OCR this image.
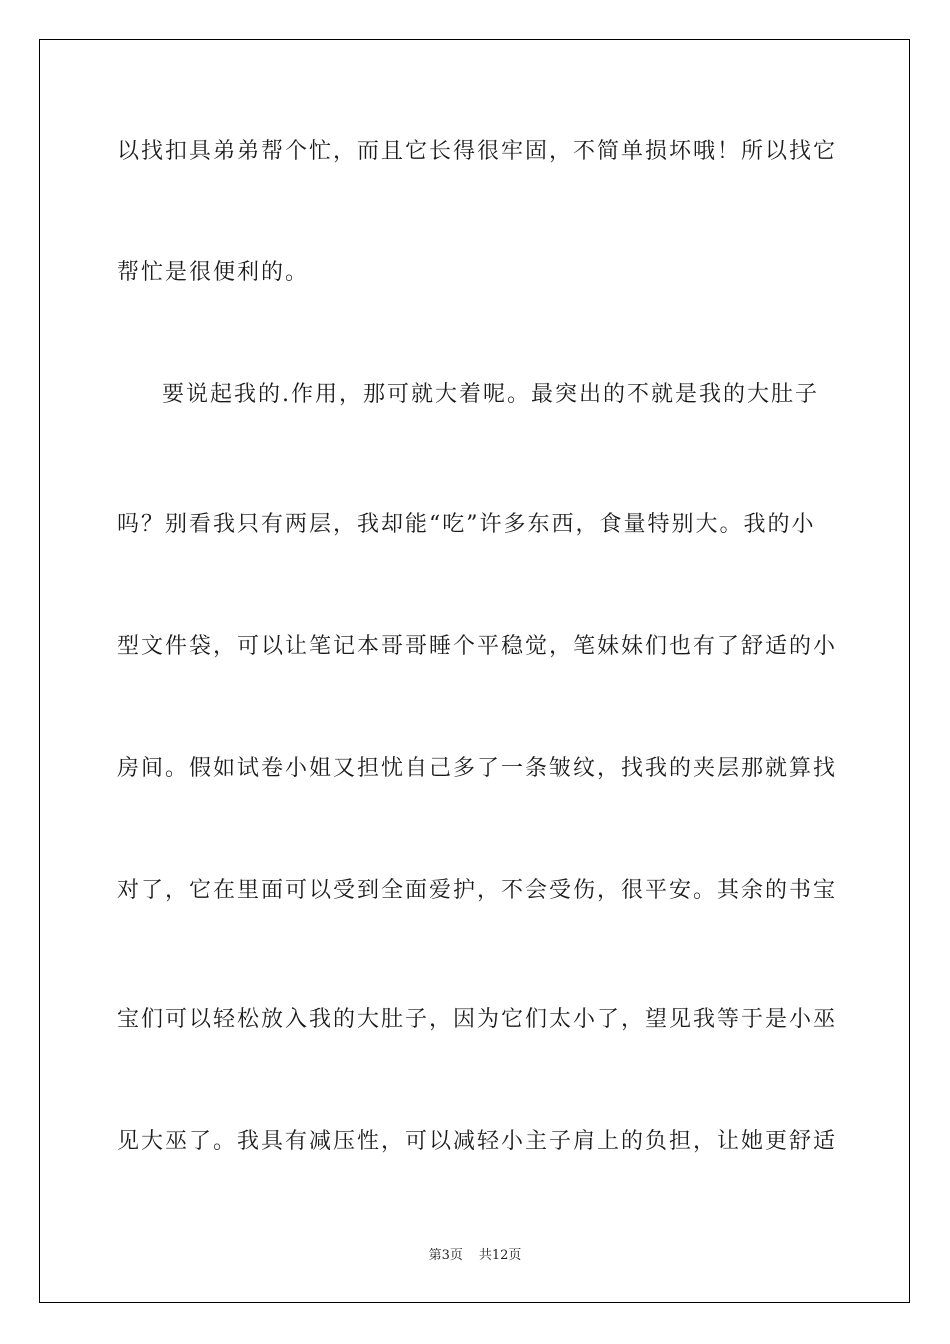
以找扣具弟弟帮个忙，而且它长得很牢固，不简单损坏哦！所以找它
帮忙是很便利的。
要说起我的.作用，那可就大着呢。最突出的不就是我的大肚子
吗？别看我只有两层，我却能“吃”许多东西，食量特别大。我的小
型文件袋，可以让笔记本哥哥睡个平稳觉，笔妹妹们也有了舒适的小
房间。假如试卷小姐又担忧自己多了一条皱纹，找我的夹层那就算找
对了，它在里面可以受到全面爱护，不会受伤，很平安。其余的书宝
宝们可以轻松放入我的大肚子，因为它们太小了，望见我等于是小巫
见大巫了。我具有减压性，可以减轻小主子肩上的负担，让她更舒适
第3页 共12页
